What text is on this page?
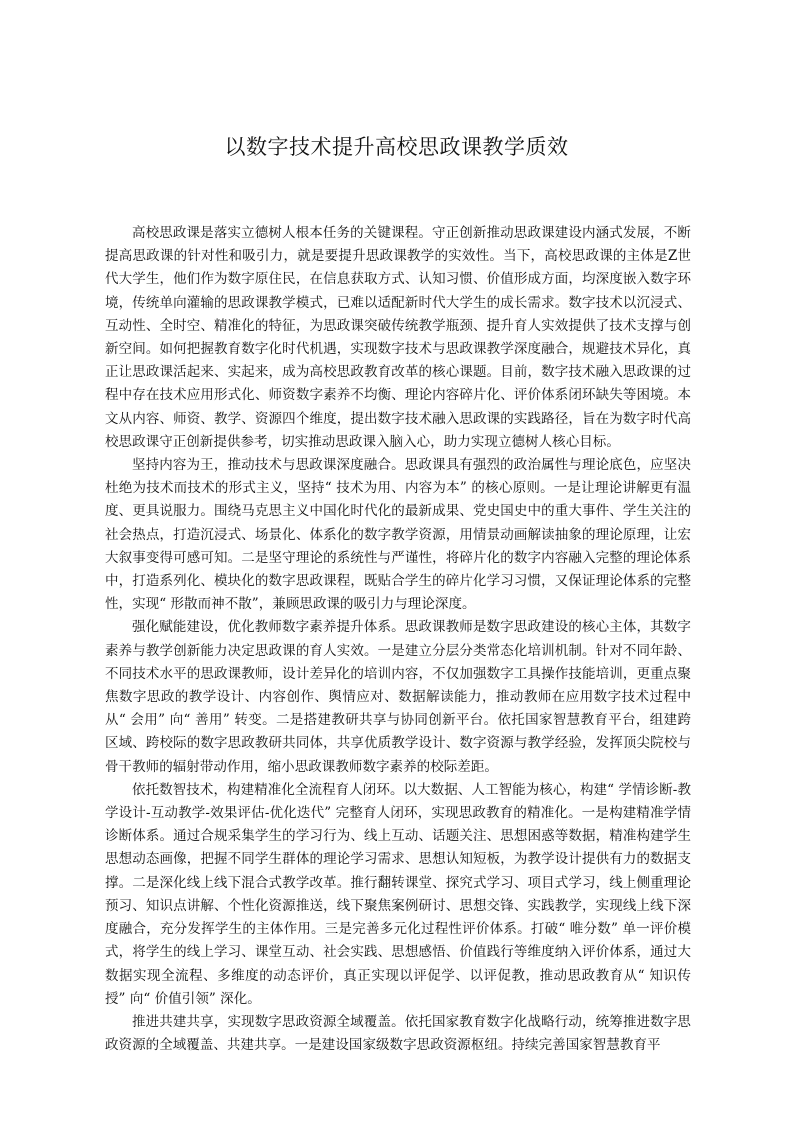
以数字技术提升高校思政课教学质效

高校思政课是落实立德树人根本任务的关键课程。守正创新推动思政课建设内涵式发展，不断提高思政课的针对性和吸引力，就是要提升思政课教学的实效性。当下，高校思政课的主体是Z世代大学生，他们作为数字原住民，在信息获取方式、认知习惯、价值形成方面，均深度嵌入数字环境，传统单向灌输的思政课教学模式，已难以适配新时代大学生的成长需求。数字技术以沉浸式、互动性、全时空、精准化的特征，为思政课突破传统教学瓶颈、提升育人实效提供了技术支撑与创新空间。如何把握教育数字化时代机遇，实现数字技术与思政课教学深度融合，规避技术异化，真正让思政课活起来、实起来，成为高校思政教育改革的核心课题。目前，数字技术融入思政课的过程中存在技术应用形式化、师资数字素养不均衡、理论内容碎片化、评价体系闭环缺失等困境。本文从内容、师资、教学、资源四个维度，提出数字技术融入思政课的实践路径，旨在为数字时代高校思政课守正创新提供参考，切实推动思政课入脑入心，助力实现立德树人核心目标。

坚持内容为王，推动技术与思政课深度融合。思政课具有强烈的政治属性与理论底色，应坚决杜绝为技术而技术的形式主义，坚持“ 技术为用、内容为本” 的核心原则。一是让理论讲解更有温度、更具说服力。围绕马克思主义中国化时代化的最新成果、党史国史中的重大事件、学生关注的社会热点，打造沉浸式、场景化、体系化的数字教学资源，用情景动画解读抽象的理论原理，让宏大叙事变得可感可知。二是坚守理论的系统性与严谨性，将碎片化的数字内容融入完整的理论体系中，打造系列化、模块化的数字思政课程，既贴合学生的碎片化学习习惯，又保证理论体系的完整性，实现“ 形散而神不散”，兼顾思政课的吸引力与理论深度。

强化赋能建设，优化教师数字素养提升体系。思政课教师是数字思政建设的核心主体，其数字素养与教学创新能力决定思政课的育人实效。一是建立分层分类常态化培训机制。针对不同年龄、不同技术水平的思政课教师，设计差异化的培训内容，不仅加强数字工具操作技能培训，更重点聚焦数字思政的教学设计、内容创作、舆情应对、数据解读能力，推动教师在应用数字技术过程中从“ 会用” 向“ 善用” 转变。二是搭建教研共享与协同创新平台。依托国家智慧教育平台，组建跨区域、跨校际的数字思政教研共同体，共享优质教学设计、数字资源与教学经验，发挥顶尖院校与骨干教师的辐射带动作用，缩小思政课教师数字素养的校际差距。

依托数智技术，构建精准化全流程育人闭环。以大数据、人工智能为核心，构建“ 学情诊断-教学设计-互动教学-效果评估-优化迭代” 完整育人闭环，实现思政教育的精准化。一是构建精准学情诊断体系。通过合规采集学生的学习行为、线上互动、话题关注、思想困惑等数据，精准构建学生思想动态画像，把握不同学生群体的理论学习需求、思想认知短板，为教学设计提供有力的数据支撑。二是深化线上线下混合式教学改革。推行翻转课堂、探究式学习、项目式学习，线上侧重理论预习、知识点讲解、个性化资源推送，线下聚焦案例研讨、思想交锋、实践教学，实现线上线下深度融合，充分发挥学生的主体作用。三是完善多元化过程性评价体系。打破“ 唯分数” 单一评价模式，将学生的线上学习、课堂互动、社会实践、思想感悟、价值践行等维度纳入评价体系，通过大数据实现全流程、多维度的动态评价，真正实现以评促学、以评促教，推动思政教育从“ 知识传授” 向“ 价值引领” 深化。

推进共建共享，实现数字思政资源全域覆盖。依托国家教育数字化战略行动，统筹推进数字思政资源的全域覆盖、共建共享。一是建设国家级数字思政资源枢纽。持续完善国家智慧教育平
